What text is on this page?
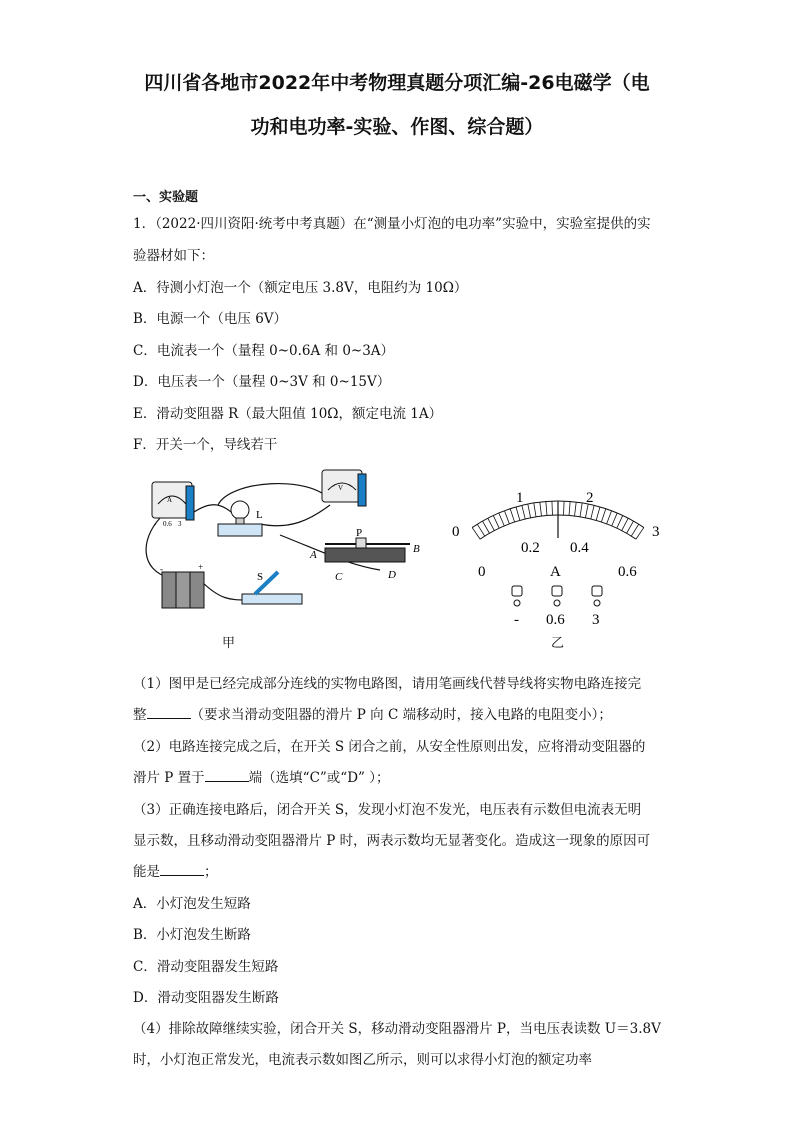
四川省各地市2022年中考物理真题分项汇编-26电磁学（电
功和电功率-实验、作图、综合题）
一、实验题
1．（2022·四川资阳·统考中考真题）在“测量小灯泡的电功率”实验中，实验室提供的实
验器材如下：
A．待测小灯泡一个（额定电压 3.8V，电阻约为 10Ω）
B．电源一个（电压 6V）
C．电流表一个（量程 0~0.6A 和 0~3A）
D．电压表一个（量程 0~3V 和 0~15V）
E．滑动变阻器 R（最大阻值 10Ω，额定电流 1A）
F．开关一个，导线若干
A
- 0.6 3
V
L
P
A	B
C	D
-	+
S
甲
0
1	2
3
0
0.2 0.4
0.6
A
- 0.6 3
乙
（1）图甲是已经完成部分连线的实物电路图，请用笔画线代替导线将实物电路连接完
整	（要求当滑动变阻器的滑片 P 向 C 端移动时，接入电路的电阻变小）；
（2）电路连接完成之后，在开关 S 闭合之前，从安全性原则出发，应将滑动变阻器的
滑片 P 置于	端（选填“C”或“D” ）；
（3）正确连接电路后，闭合开关 S，发现小灯泡不发光，电压表有示数但电流表无明
显示数，且移动滑动变阻器滑片 P 时，两表示数均无显著变化。造成这一现象的原因可
能是	；
A．小灯泡发生短路
B．小灯泡发生断路
C．滑动变阻器发生短路
D．滑动变阻器发生断路
（4）排除故障继续实验，闭合开关 S，移动滑动变阻器滑片 P，当电压表读数 U＝3.8V
时，小灯泡正常发光，电流表示数如图乙所示，则可以求得小灯泡的额定功率
